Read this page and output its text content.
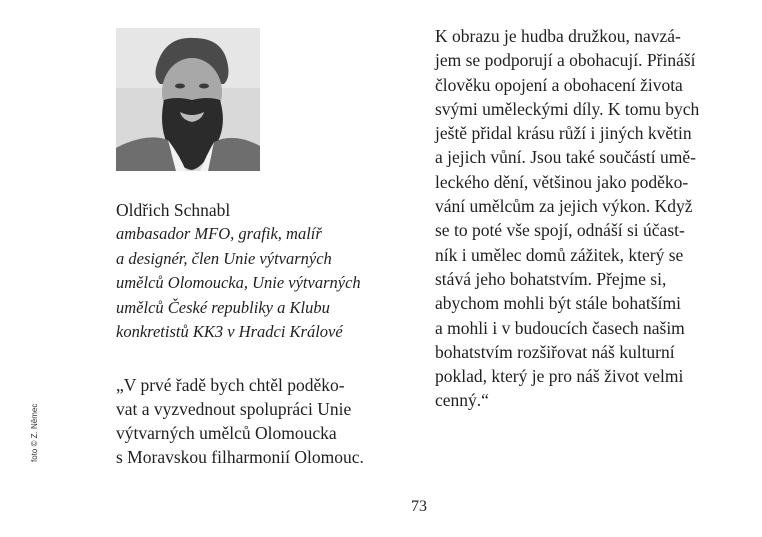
Oldřich Schnabl
ambasador MFO, grafik, malíř
a designér, člen Unie výtvarných
umělců Olomoucka, Unie výtvarných
umělců České republiky a Klubu
konkretistů KK3 v Hradci Králové
„V prvé řadě bych chtěl poděko-
vat a vyzvednout spolupráci Unie
výtvarných umělců Olomoucka
s Moravskou filharmonií Olomouc.
K obrazu je hudba družkou, navzá-
jem se podporují a obohacují. Přináší
člověku opojení a obohacení života
svými uměleckými díly. K tomu bych
ještě přidal krásu růží i jiných květin
a jejich vůní. Jsou také součástí umě-
leckého dění, většinou jako poděko-
vání umělcům za jejich výkon. Když
se to poté vše spojí, odnáší si účast-
ník i umělec domů zážitek, který se
stává jeho bohatstvím. Přejme si,
abychom mohli být stále bohatšími
a mohli i v budoucích časech našim
bohatstvím rozšiřovat náš kulturní
poklad, který je pro náš život velmi
cenný.“
foto © Z. Němec
73
